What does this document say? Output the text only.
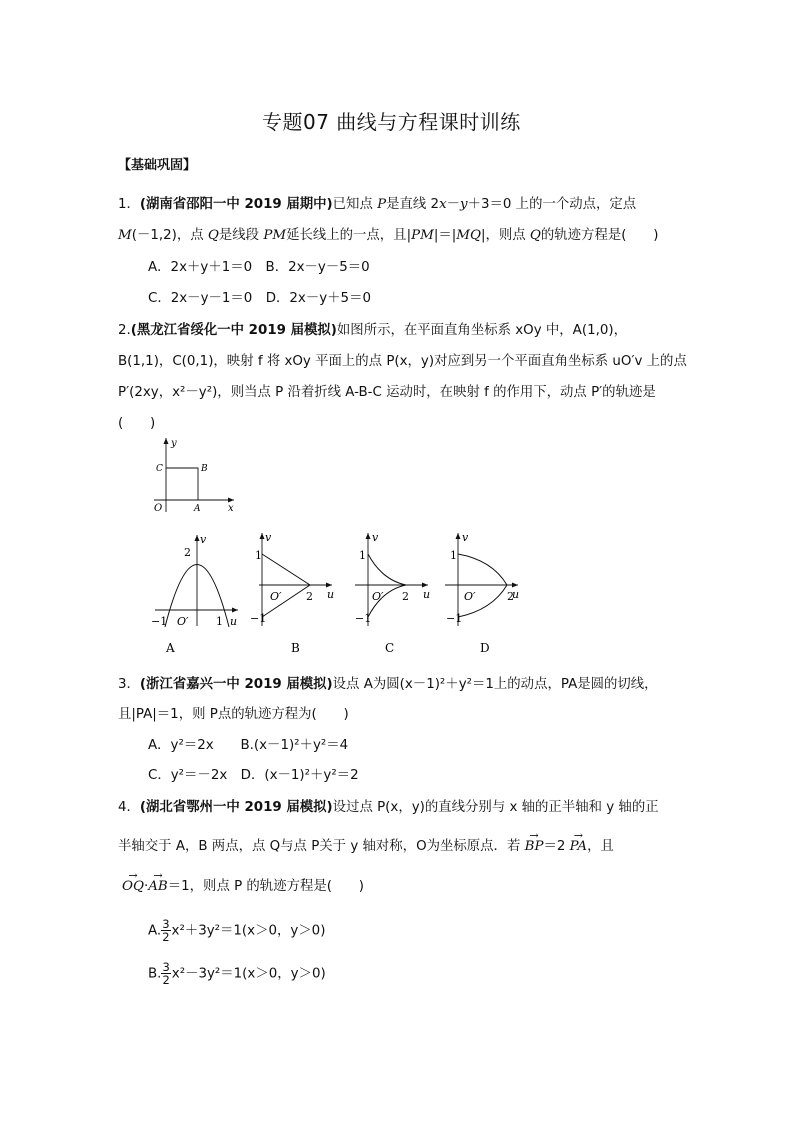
专题07 曲线与方程课时训练
【基础巩固】
1．(湖南省邵阳一中 2019 届期中)已知点 P是直线 2x－y＋3＝0 上的一个动点，定点
M(－1,2)，点 Q是线段 PM延长线上的一点，且|PM|＝|MQ|，则点 Q的轨迹方程是(　　)
A．2x＋y＋1＝0　B．2x－y－5＝0
C．2x－y－1＝0　D．2x－y＋5＝0
2.(黑龙江省绥化一中 2019 届模拟)如图所示，在平面直角坐标系 xOy 中，A(1,0)，
B(1,1)，C(0,1)，映射 f 将 xOy 平面上的点 P(x，y)对应到另一个平面直角坐标系 uO′v 上的点
P′(2xy，x²－y²)，则当点 P 沿着折线 A-B-C 运动时，在映射 f 的作用下，动点 P′的轨迹是
(　　)
y
x
O	A
B
C
v
2
−1 O′ 1 u
A
v
1
2
−1
O′	u
B
v
1
2
−1
O′	u
C
v
1
2
−1
O′	u
D
3．(浙江省嘉兴一中 2019 届模拟)设点 A为圆(x－1)²＋y²＝1上的动点，PA是圆的切线，
且|PA|＝1，则 P点的轨迹方程为(　　)
A．y²＝2x　　B.(x－1)²＋y²＝4
C．y²＝－2x　D．(x－1)²＋y²＝2
4．(湖北省鄂州一中 2019 届模拟)设过点 P(x，y)的直线分别与 x 轴的正半轴和 y 轴的正
半轴交于 A，B 两点，点 Q与点 P关于 y 轴对称，O为坐标原点．若 → BP＝2 → PA，且
→ OQ·→ AB＝1，则点 P 的轨迹方程是(　　)
A. $\frac{3}{2} x^2+3y^2=1(x>0$，y＞0)
B. $\frac{3}{2} x^2-3y^2=1(x>0$，y＞0)
